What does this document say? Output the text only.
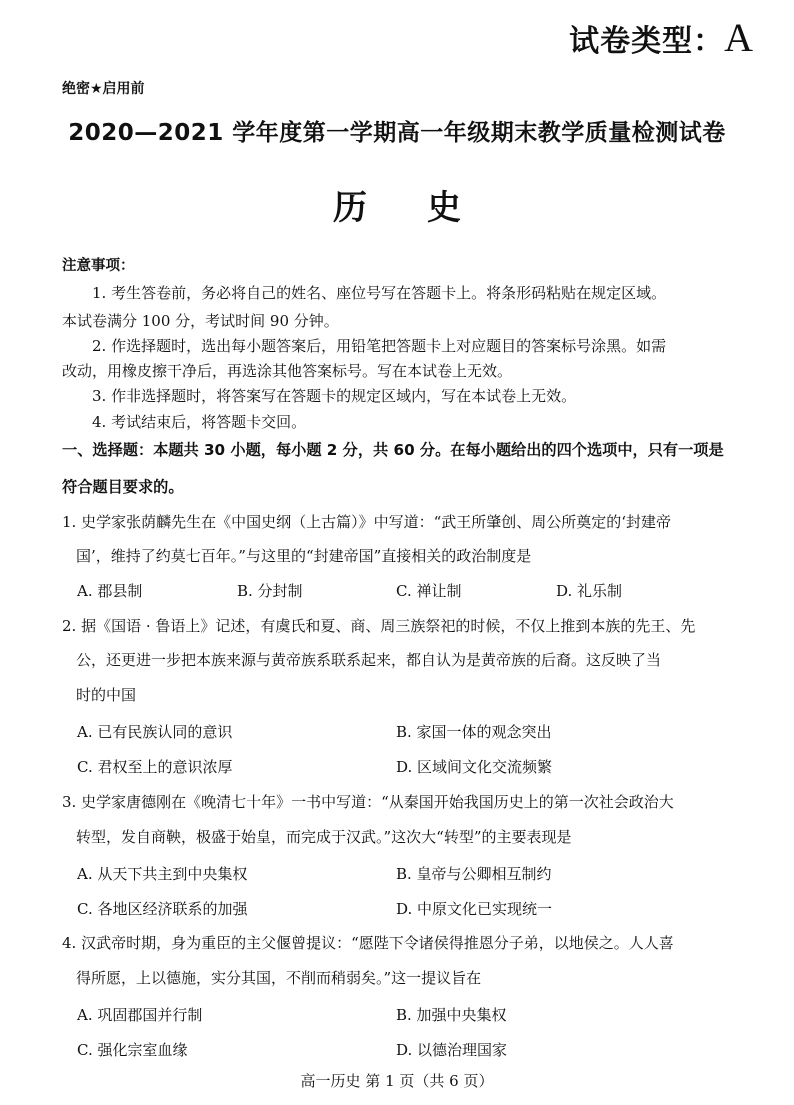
试卷类型：A
绝密★启用前
2020—2021 学年度第一学期高一年级期末教学质量检测试卷
历 史
注意事项：
1. 考生答卷前，务必将自己的姓名、座位号写在答题卡上。将条形码粘贴在规定区域。
本试卷满分 100 分，考试时间 90 分钟。
2. 作选择题时，选出每小题答案后，用铅笔把答题卡上对应题目的答案标号涂黑。如需
改动，用橡皮擦干净后，再选涂其他答案标号。写在本试卷上无效。
3. 作非选择题时，将答案写在答题卡的规定区域内，写在本试卷上无效。
4. 考试结束后，将答题卡交回。
一、选择题：本题共 30 小题，每小题 2 分，共 60 分。在每小题给出的四个选项中，只有一项是
符合题目要求的。
1. 史学家张荫麟先生在《中国史纲（上古篇）》中写道：“武王所肇创、周公所奠定的‘封建帝
国’，维持了约莫七百年。”与这里的“封建帝国”直接相关的政治制度是
A. 郡县制	B. 分封制	C. 禅让制	D. 礼乐制
2. 据《国语 · 鲁语上》记述，有虞氏和夏、商、周三族祭祀的时候，不仅上推到本族的先王、先
公，还更进一步把本族来源与黄帝族系联系起来，都自认为是黄帝族的后裔。这反映了当
时的中国
A. 已有民族认同的意识	B. 家国一体的观念突出
C. 君权至上的意识浓厚	D. 区域间文化交流频繁
3. 史学家唐德刚在《晚清七十年》一书中写道：“从秦国开始我国历史上的第一次社会政治大
转型，发自商鞅，极盛于始皇，而完成于汉武。”这次大“转型”的主要表现是
A. 从天下共主到中央集权	B. 皇帝与公卿相互制约
C. 各地区经济联系的加强	D. 中原文化已实现统一
4. 汉武帝时期，身为重臣的主父偃曾提议：“愿陛下令诸侯得推恩分子弟，以地侯之。人人喜
得所愿，上以德施，实分其国，不削而稍弱矣。”这一提议旨在
A. 巩固郡国并行制	B. 加强中央集权
C. 强化宗室血缘	D. 以德治理国家
高一历史 第 1 页（共 6 页）
